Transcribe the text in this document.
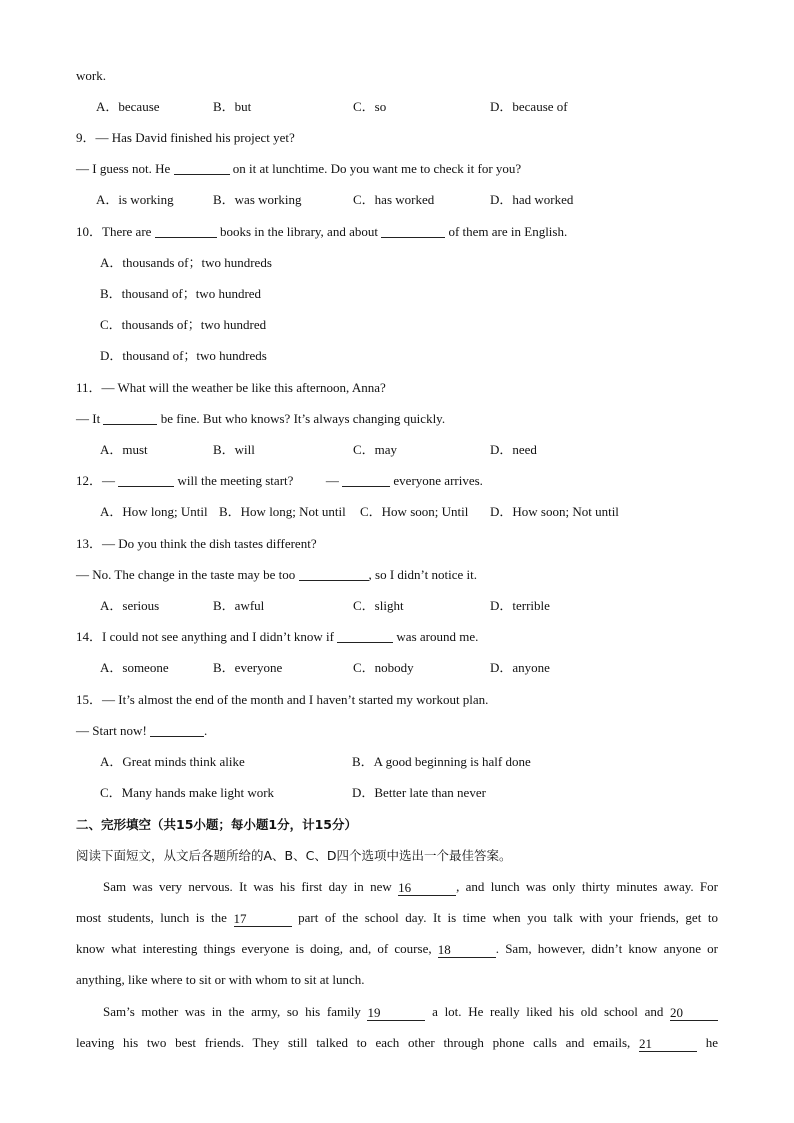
work.
A．because	B．but	C．so	D．because of
9．— Has David finished his project yet?
— I guess not. He	on it at lunchtime. Do you want me to check it for you?
A．is working	B．was working	C．has worked	D．had worked
10．There are	books in the library, and about	of them are in English.
A．thousands of；two hundreds
B．thousand of；two hundred
C．thousands of；two hundred
D．thousand of；two hundreds
11．— What will the weather be like this afternoon, Anna?
— It	be fine. But who knows? It’s always changing quickly.
A．must	B．will	C．may	D．need
12．—	will the meeting start?	—	everyone arrives.
A．How long; Until B．How long; Not until C．How soon; Until D．How soon; Not until
13．— Do you think the dish tastes different?
— No. The change in the taste may be too	, so I didn’t notice it.
A．serious	B．awful	C．slight	D．terrible
14．I could not see anything and I didn’t know if	was around me.
A．someone	B．everyone	C．nobody	D．anyone
15．— It’s almost the end of the month and I haven’t started my workout plan.
— Start now!	.
A．Great minds think alike	B．A good beginning is half done
C．Many hands make light work	D．Better late than never
二、完形填空（共15小题；每小题1分，计15分）
阅读下面短文，从文后各题所给的A、B、C、D四个选项中选出一个最佳答案。
Sam was very nervous. It was his first day in new 16	, and lunch was only thirty minutes away. For
most students, lunch is the 17	part of the school day. It is time when you talk with your friends, get to
know what interesting things everyone is doing, and, of course, 18	. Sam, however, didn’t know anyone or
anything, like where to sit or with whom to sit at lunch.
Sam’s mother was in the army, so his family 19	a lot. He really liked his old school and 20
leaving his two best friends. They still talked to each other through phone calls and emails, 21	he
